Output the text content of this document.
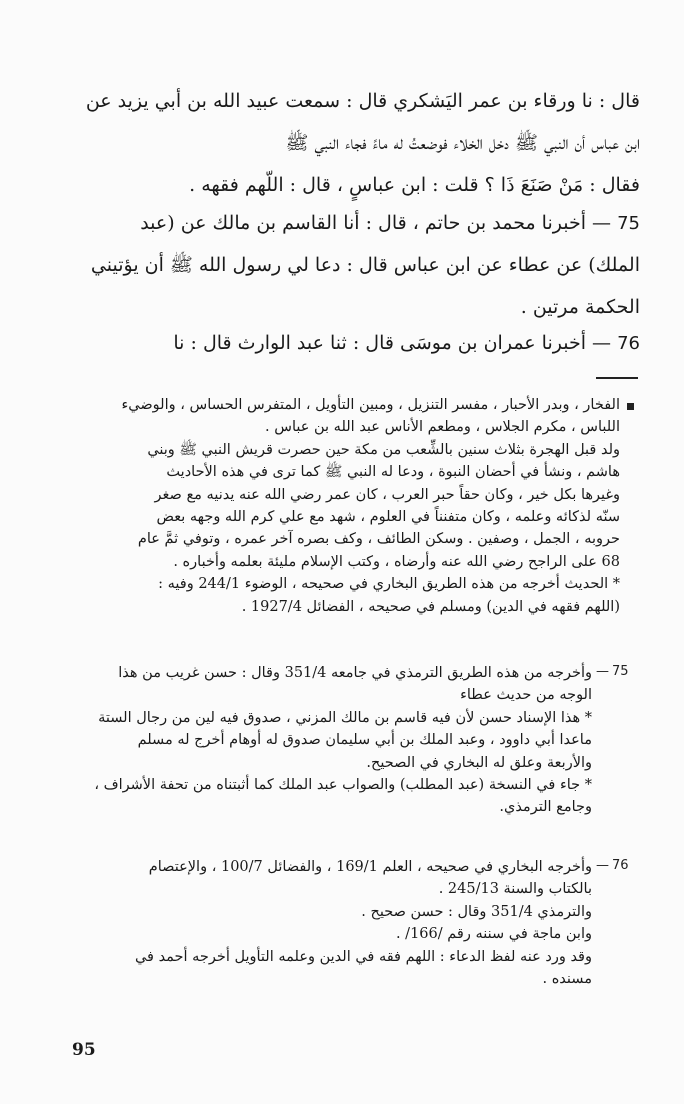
قال : نا ورقاء بن عمر اليَشكري قال : سمعت عبيد الله بن أبي يزيد عن
ابن عباس أن النبي ﷺ دخل الخلاء فوضعتُ له ماءً فجاء النبي ﷺ
فقال : مَنْ صَنَعَ ذَا ؟ قلت : ابن عباسٍ ، قال : اللّهم فقهه .
75 — أخبرنا محمد بن حاتم ، قال : أنا القاسم بن مالك عن (عبد
الملك) عن عطاء عن ابن عباس قال : دعا لي رسول الله ﷺ أن يؤتيني
الحكمة مرتين .
76 — أخبرنا عمران بن موسَى قال : ثنا عبد الوارث قال : نا
الفخار ، وبدر الأحبار ، مفسر التنزيل ، ومبين التأويل ، المتفرس الحساس ، والوضيء
اللباس ، مكرم الجلاس ، ومطعم الأناس عبد الله بن عباس .
ولد قبل الهجرة بثلاث سنين بالشِّعب من مكة حين حصرت قريش النبي ﷺ وبني
هاشم ، ونشأ في أحضان النبوة ، ودعا له النبي ﷺ كما ترى في هذه الأحاديث
وغيرها بكل خير ، وكان حقاً حبر العرب ، كان عمر رضي الله عنه يدنيه مع صغر
سنّه لذكائه وعلمه ، وكان متفنناً في العلوم ، شهد مع علي كرم الله وجهه بعض
حروبه ، الجمل ، وصفين . وسكن الطائف ، وكف بصره آخر عمره ، وتوفي ثمَّ عام
68 على الراجح رضي الله عنه وأرضاه ، وكتب الإسلام مليئة بعلمه وأخباره .
* الحديث أخرجه من هذه الطريق البخاري في صحيحه ، الوضوء 244/1 وفيه :
(اللهم فقهه في الدين) ومسلم في صحيحه ، الفضائل 1927/4 .
75
—
وأخرجه من هذه الطريق الترمذي في جامعه 351/4 وقال : حسن غريب من هذا
الوجه من حديث عطاء
* هذا الإسناد حسن لأن فيه قاسم بن مالك المزني ، صدوق فيه لين من رجال الستة
ماعدا أبي داوود ، وعبد الملك بن أبي سليمان صدوق له أوهام أخرج له مسلم
والأربعة وعلق له البخاري في الصحيح.
* جاء في النسخة (عبد المطلب) والصواب عبد الملك كما أثبتناه من تحفة الأشراف ،
وجامع الترمذي.
76
—
وأخرجه البخاري في صحيحه ، العلم 169/1 ، والفضائل 100/7 ، والإعتصام
بالكتاب والسنة 245/13 .
والترمذي 351/4 وقال : حسن صحيح .
وابن ماجة في سننه رقم /166/ .
وقد ورد عنه لفظ الدعاء : اللهم فقه في الدين وعلمه التأويل أخرجه أحمد في
مسنده .
95
